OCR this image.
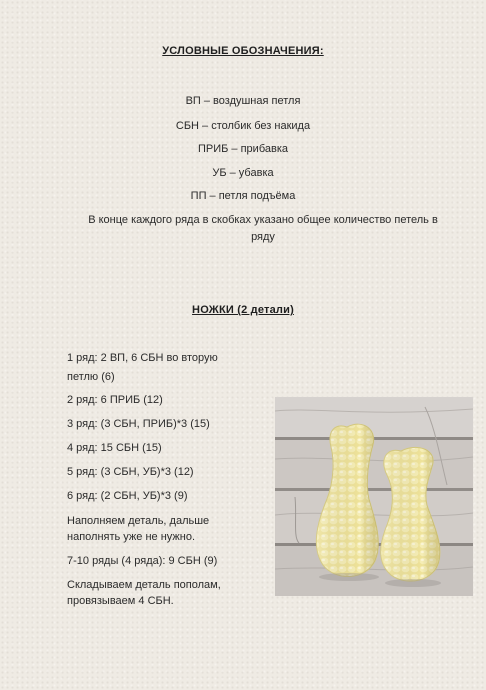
УСЛОВНЫЕ ОБОЗНАЧЕНИЯ:
ВП – воздушная петля
СБН – столбик без накида
ПРИБ – прибавка
УБ – убавка
ПП – петля подъёма
В конце каждого ряда в скобках указано общее количество петель в
ряду
НОЖКИ (2 детали)
1 ряд: 2 ВП, 6 СБН во вторую
петлю (6)
2 ряд: 6 ПРИБ (12)
3 ряд: (3 СБН, ПРИБ)*3 (15)
4 ряд: 15 СБН (15)
5 ряд: (3 СБН, УБ)*3 (12)
6 ряд: (2 СБН, УБ)*3 (9)
Наполняем деталь, дальше
наполнять уже не нужно.
7-10 ряды (4 ряда): 9 СБН (9)
Складываем деталь пополам,
провязываем 4 СБН.
